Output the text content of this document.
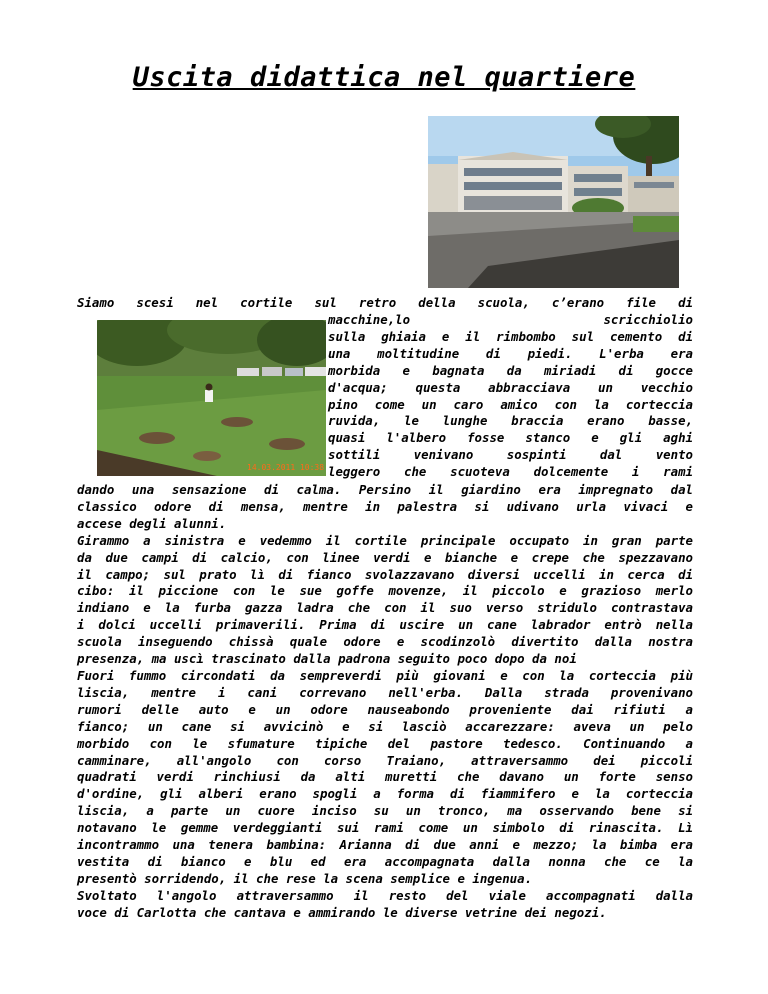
Uscita didattica nel quartiere
14.03.2011 10:38

Siamo scesi nel cortile sul retro della scuola, c’erano file di

macchine,lo scricchiolio
sulla ghiaia e il rimbombo sul cemento di
una moltitudine di piedi. L'erba era
morbida e bagnata da miriadi di gocce
d'acqua; questa abbracciava un vecchio
pino come un caro amico con la corteccia
ruvida, le lunghe braccia erano basse,
quasi l'albero fosse stanco e gli aghi
sottili venivano sospinti dal vento
leggero che scuoteva dolcemente i rami

dando una sensazione di calma. Persino il giardino era impregnato dal
classico odore di mensa, mentre in palestra si udivano urla vivaci e
accese degli alunni.
Girammo a sinistra e vedemmo il cortile principale occupato in gran parte
da due campi di calcio, con linee verdi e bianche e crepe che spezzavano
il campo; sul prato lì di fianco svolazzavano diversi uccelli in cerca di
cibo: il piccione con le sue goffe movenze, il piccolo e grazioso merlo
indiano e la furba gazza ladra che con il suo verso stridulo contrastava
i dolci uccelli primaverili. Prima di uscire un cane labrador entrò nella
scuola inseguendo chissà quale odore e scodinzolò divertito dalla nostra
presenza, ma uscì trascinato dalla padrona seguito poco dopo da noi
Fuori fummo circondati da sempreverdi più giovani e con la corteccia più
liscia, mentre i cani correvano nell'erba. Dalla strada provenivano
rumori delle auto e un odore nauseabondo proveniente dai rifiuti a
fianco; un cane si avvicinò e si lasciò accarezzare: aveva un pelo
morbido con le sfumature tipiche del pastore tedesco. Continuando a
camminare, all'angolo con corso Traiano, attraversammo dei piccoli
quadrati verdi rinchiusi da alti muretti che davano un forte senso
d'ordine, gli alberi erano spogli a forma di fiammifero e la corteccia
liscia, a parte un cuore inciso su un tronco, ma osservando bene si
notavano le gemme verdeggianti sui rami come un simbolo di rinascita. Lì
incontrammo una tenera bambina: Arianna di due anni e mezzo; la bimba era
vestita di bianco e blu ed era accompagnata dalla nonna che ce la
presentò sorridendo, il che rese la scena semplice e ingenua.
Svoltato l'angolo attraversammo il resto del viale accompagnati dalla
voce di Carlotta che cantava e ammirando le diverse vetrine dei negozi.
